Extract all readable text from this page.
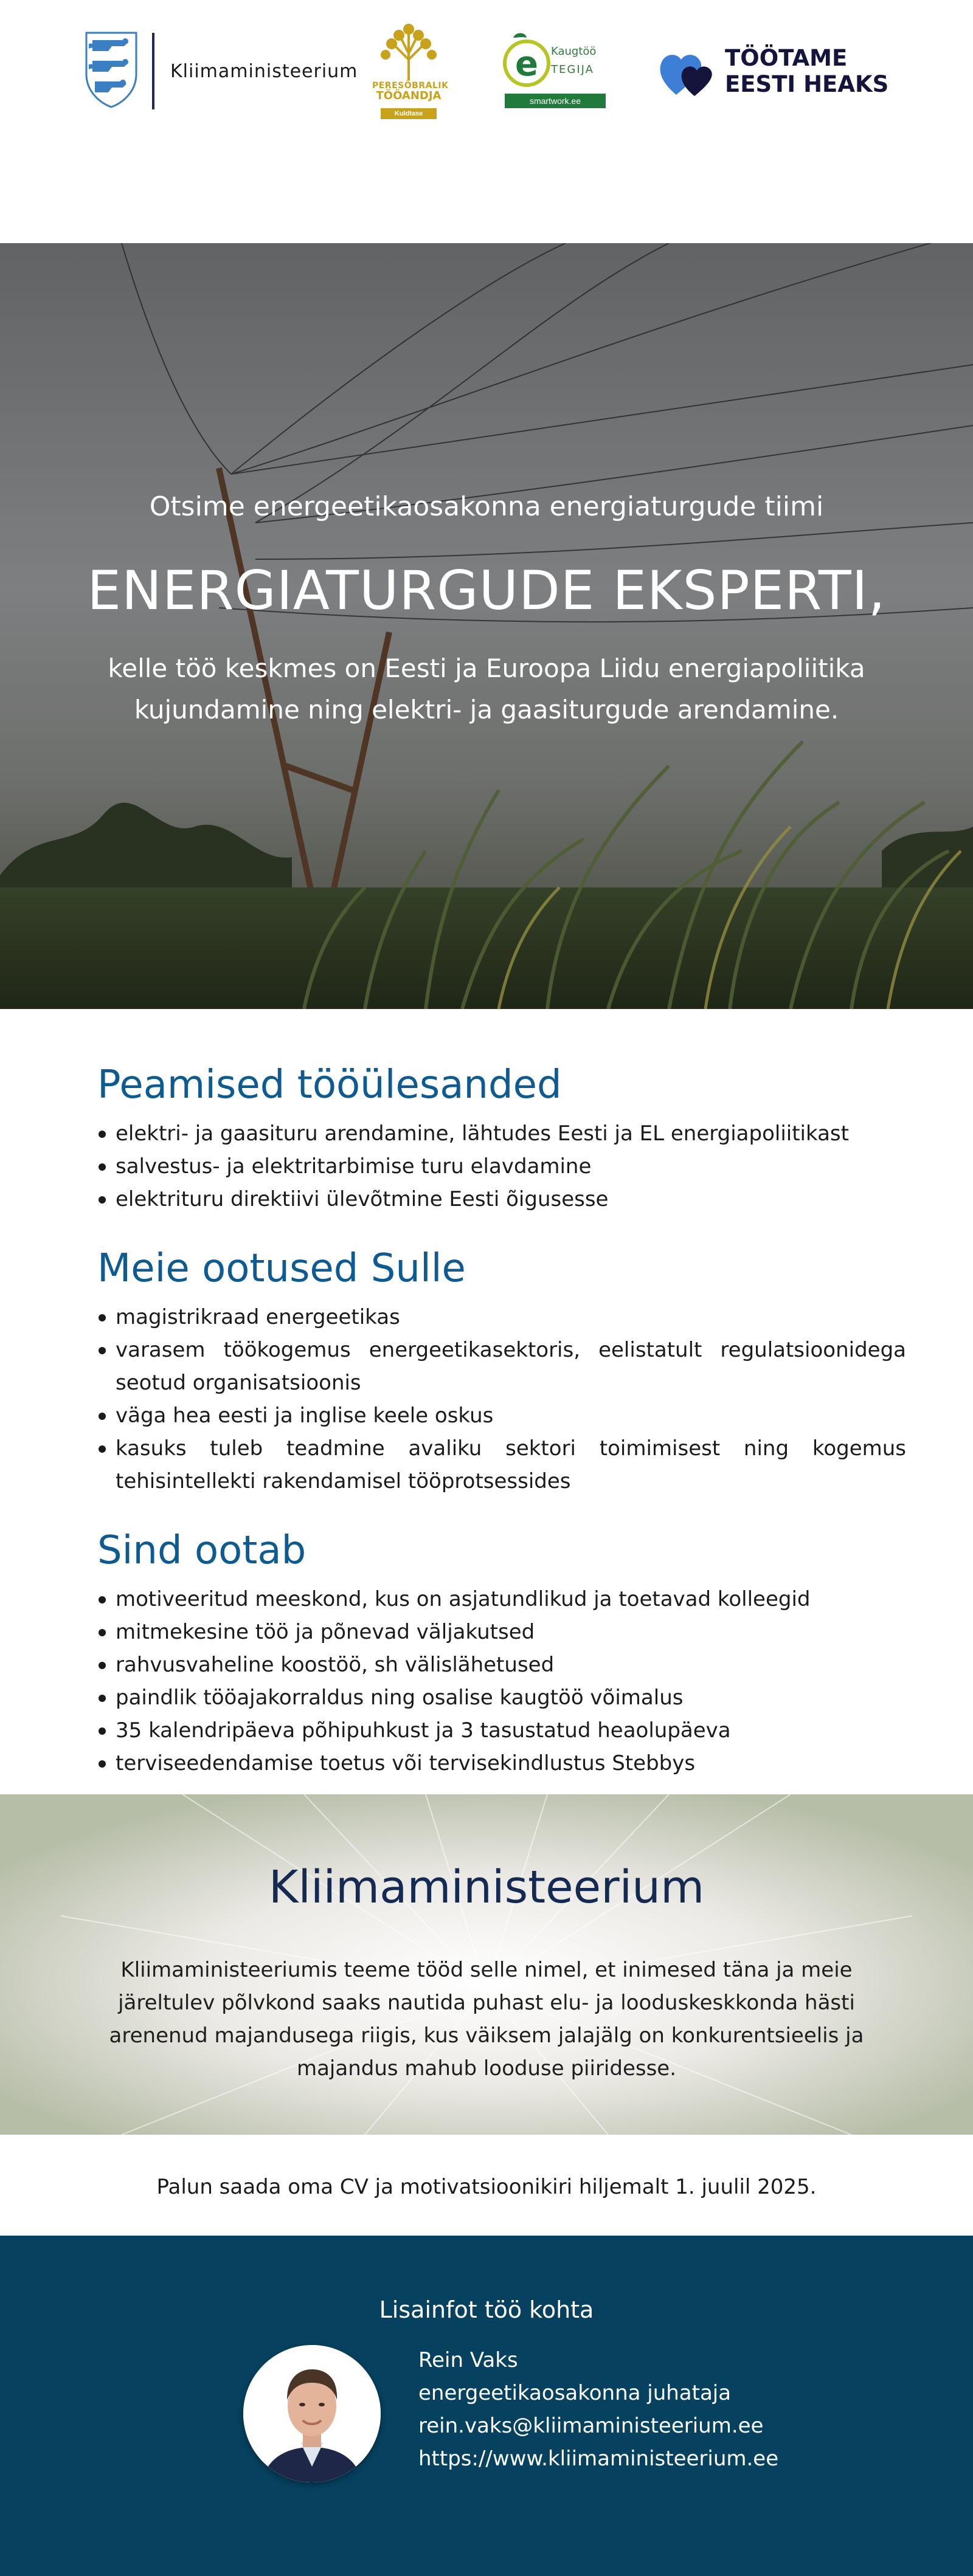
Kliimaministeerium
PERESÕBRALIK
TÖÖANDJA
Kuldtase
e Kaugtöö
TEGIJA
smartwork.ee
TÖÖTAME
EESTI HEAKS
Otsime energeetikaosakonna energiaturgude tiimi
ENERGIATURGUDE EKSPERTI,
kelle töö keskmes on Eesti ja Euroopa Liidu energiapoliitika kujundamine ning elektri- ja gaasiturgude arendamine.
Peamised tööülesanded
elektri- ja gaasituru arendamine, lähtudes Eesti ja EL energiapoliitikast
salvestus- ja elektritarbimise turu elavdamine
elektrituru direktiivi ülevõtmine Eesti õigusesse
Meie ootused Sulle
magistrikraad energeetikas
varasem töökogemus energeetikasektoris, eelistatult regulatsioonidega seotud organisatsioonis
väga hea eesti ja inglise keele oskus
kasuks tuleb teadmine avaliku sektori toimimisest ning kogemus tehisintellekti rakendamisel tööprotsessides
Sind ootab
motiveeritud meeskond, kus on asjatundlikud ja toetavad kolleegid
mitmekesine töö ja põnevad väljakutsed
rahvusvaheline koostöö, sh välislähetused
paindlik tööajakorraldus ning osalise kaugtöö võimalus
35 kalendripäeva põhipuhkust ja 3 tasustatud heaolupäeva
terviseedendamise toetus või tervisekindlustus Stebbys
Kliimaministeerium
Kliimaministeeriumis teeme tööd selle nimel, et inimesed täna ja meie järeltulev põlvkond saaks nautida puhast elu- ja looduskeskkonda hästi arenenud majandusega riigis, kus väiksem jalajälg on konkurentsieelis ja majandus mahub looduse piiridesse.
Palun saada oma CV ja motivatsioonikiri hiljemalt 1. juulil 2025.
Lisainfot töö kohta
Rein Vaks
energeetikaosakonna juhataja
rein.vaks@kliimaministeerium.ee
https://www.kliimaministeerium.ee
